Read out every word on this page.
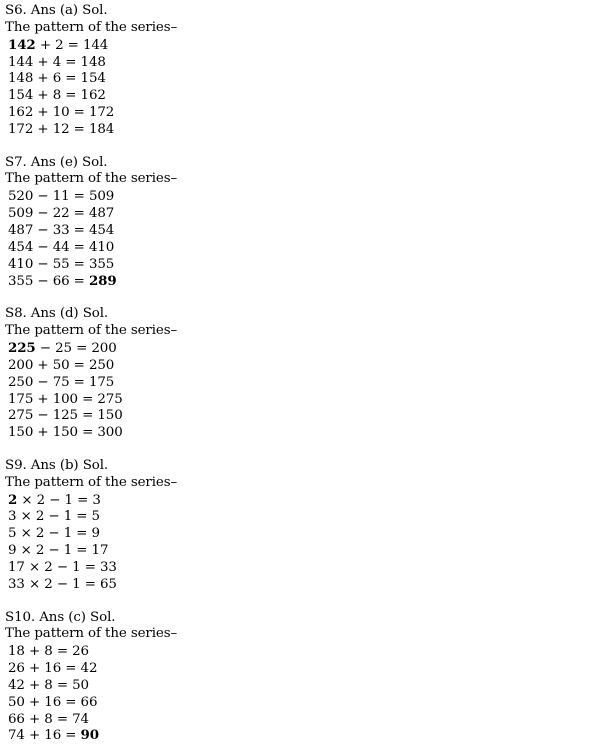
S6. Ans (a) Sol.
The pattern of the series–
142 + 2 = 144
144 + 4 = 148
148 + 6 = 154
154 + 8 = 162
162 + 10 = 172
172 + 12 = 184
S7. Ans (e) Sol.
The pattern of the series–
520 − 11 = 509
509 − 22 = 487
487 − 33 = 454
454 − 44 = 410
410 − 55 = 355
355 − 66 = 289
S8. Ans (d) Sol.
The pattern of the series–
225 − 25 = 200
200 + 50 = 250
250 − 75 = 175
175 + 100 = 275
275 − 125 = 150
150 + 150 = 300
S9. Ans (b) Sol.
The pattern of the series–
2 × 2 − 1 = 3
3 × 2 − 1 = 5
5 × 2 − 1 = 9
9 × 2 − 1 = 17
17 × 2 − 1 = 33
33 × 2 − 1 = 65
S10. Ans (c) Sol.
The pattern of the series–
18 + 8 = 26
26 + 16 = 42
42 + 8 = 50
50 + 16 = 66
66 + 8 = 74
74 + 16 = 90
